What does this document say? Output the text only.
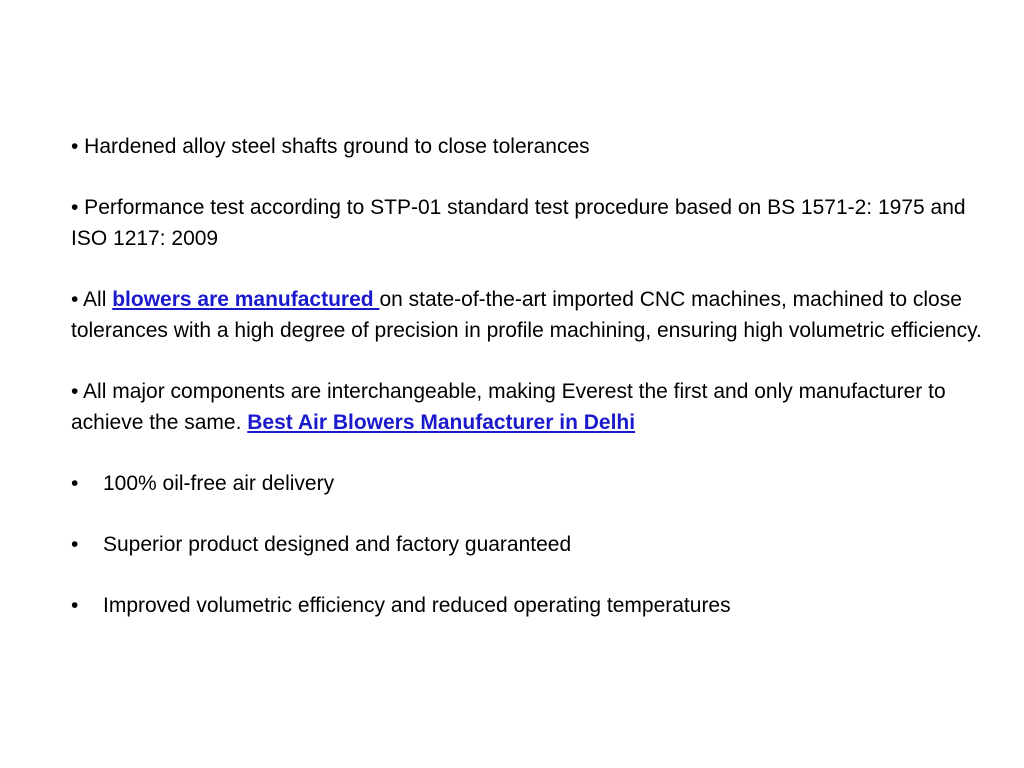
• Hardened alloy steel shafts ground to close tolerances

• Performance test according to STP-01 standard test procedure based on BS 1571-2: 1975 and ISO 1217: 2009

• All blowers are manufactured on state-of-the-art imported CNC machines, machined to close tolerances with a high degree of precision in profile machining, ensuring high volumetric efficiency.

• All major components are interchangeable, making Everest the first and only manufacturer to achieve the same. Best Air Blowers Manufacturer in Delhi

•	100% oil-free air delivery
•	Superior product designed and factory guaranteed
•	Improved volumetric efficiency and reduced operating temperatures
